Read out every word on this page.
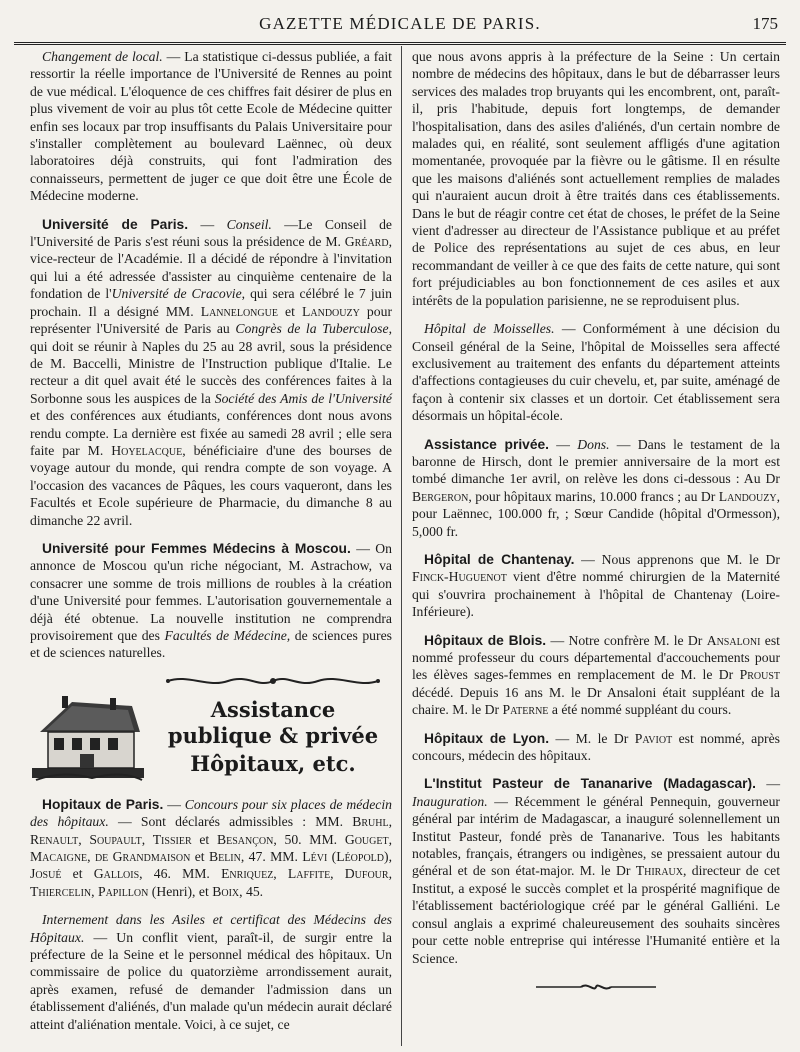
GAZETTE MÉDICALE DE PARIS.	175

Changement de local. — La statistique ci-dessus publiée, a fait ressortir la réelle importance de l'Université de Rennes au point de vue médical. L'éloquence de ces chiffres fait désirer de plus en plus vivement de voir au plus tôt cette Ecole de Médecine quitter enfin ses locaux par trop insuffisants du Palais Universitaire pour s'installer complètement au boulevard Laënnec, où deux laboratoires déjà construits, qui font l'admiration des connaisseurs, permettent de juger ce que doit être une École de Médecine moderne.

Université de Paris. — Conseil. —Le Conseil de l'Université de Paris s'est réuni sous la présidence de M. Gréard, vice-recteur de l'Académie. Il a décidé de répondre à l'invitation qui lui a été adressée d'assister au cinquième centenaire de la fondation de l'Université de Cracovie, qui sera célébré le 7 juin prochain. Il a désigné MM. Lannelongue et Landouzy pour représenter l'Université de Paris au Congrès de la Tuberculose, qui doit se réunir à Naples du 25 au 28 avril, sous la présidence de M. Baccelli, Ministre de l'Instruction publique d'Italie. Le recteur a dit quel avait été le succès des conférences faites à la Sorbonne sous les auspices de la Société des Amis de l'Université et des conférences aux étudiants, conférences dont nous avons rendu compte. La dernière est fixée au samedi 28 avril ; elle sera faite par M. Hoyelacque, bénéficiaire d'une des bourses de voyage autour du monde, qui rendra compte de son voyage. A l'occasion des vacances de Pâques, les cours vaqueront, dans les Facultés et Ecole supérieure de Pharmacie, du dimanche 8 au dimanche 22 avril.

Université pour Femmes Médecins à Moscou. — On annonce de Moscou qu'un riche négociant, M. Astrachow, va consacrer une somme de trois millions de roubles à la création d'une Université pour femmes. L'autorisation gouvernementale a déjà été obtenue. La nouvelle institution ne comprendra provisoirement que des Facultés de Médecine, de sciences pures et de sciences naturelles.

Assistance
publique & privée
Hôpitaux, etc.

Hopitaux de Paris. — Concours pour six places de médecin des hôpitaux. — Sont déclarés admissibles : MM. Bruhl, Renault, Soupault, Tissier et Besançon, 50. MM. Gouget, Macaigne, de Grandmaison et Belin, 47. MM. Lévi (Léopold), Josué et Gallois, 46. MM. Enriquez, Laffite, Dufour, Thiercelin, Papillon (Henri), et Boix, 45.

Internement dans les Asiles et certificat des Médecins des Hôpitaux. — Un conflit vient, paraît-il, de surgir entre la préfecture de la Seine et le personnel médical des hôpitaux. Un commissaire de police du quatorzième arrondissement aurait, après examen, refusé de demander l'admission dans un établissement d'aliénés, d'un malade qu'un médecin aurait déclaré atteint d'aliénation mentale. Voici, à ce sujet, ce

que nous avons appris à la préfecture de la Seine : Un certain nombre de médecins des hôpitaux, dans le but de débarrasser leurs services des malades trop bruyants qui les encombrent, ont, paraît-il, pris l'habitude, depuis fort longtemps, de demander l'hospitalisation, dans des asiles d'aliénés, d'un certain nombre de malades qui, en réalité, sont seulement affligés d'une agitation momentanée, provoquée par la fièvre ou le gâtisme. Il en résulte que les maisons d'aliénés sont actuellement remplies de malades qui n'auraient aucun droit à être traités dans ces établissements. Dans le but de réagir contre cet état de choses, le préfet de la Seine vient d'adresser au directeur de l'Assistance publique et au préfet de Police des représentations au sujet de ces abus, en leur recommandant de veiller à ce que des faits de cette nature, qui sont fort préjudiciables au bon fonctionnement de ces asiles et aux intérêts de la population parisienne, ne se reproduisent plus.

Hôpital de Moisselles. — Conformément à une décision du Conseil général de la Seine, l'hôpital de Moisselles sera affecté exclusivement au traitement des enfants du département atteints d'affections contagieuses du cuir chevelu, et, par suite, aménagé de façon à contenir six classes et un dortoir. Cet établissement sera désormais un hôpital-école.

Assistance privée. — Dons. — Dans le testament de la baronne de Hirsch, dont le premier anniversaire de la mort est tombé dimanche 1er avril, on relève les dons ci-dessous : Au Dr Bergeron, pour hôpitaux marins, 10.000 francs ; au Dr Landouzy, pour Laënnec, 100.000 fr, ; Sœur Candide (hôpital d'Ormesson), 5,000 fr.

Hôpital de Chantenay. — Nous apprenons que M. le Dr Finck-Huguenot vient d'être nommé chirurgien de la Maternité qui s'ouvrira prochainement à l'hôpital de Chantenay (Loire-Inférieure).

Hôpitaux de Blois. — Notre confrère M. le Dr Ansaloni est nommé professeur du cours départemental d'accouchements pour les élèves sages-femmes en remplacement de M. le Dr Proust décédé. Depuis 16 ans M. le Dr Ansaloni était suppléant de la chaire. M. le Dr Paterne a été nommé suppléant du cours.

Hôpitaux de Lyon. — M. le Dr Paviot est nommé, après concours, médecin des hôpitaux.

L'Institut Pasteur de Tananarive (Madagascar). — Inauguration. — Récemment le général Pennequin, gouverneur général par intérim de Madagascar, a inauguré solennellement un Institut Pasteur, fondé près de Tananarive. Tous les habitants notables, français, étrangers ou indigènes, se pressaient autour du général et de son état-major. M. le Dr Thiraux, directeur de cet Institut, a exposé le succès complet et la prospérité magnifique de l'établissement bactériologique créé par le général Galliéni. Le consul anglais a exprimé chaleureusement des souhaits sincères pour cette noble entreprise qui intéresse l'Humanité entière et la Science.
